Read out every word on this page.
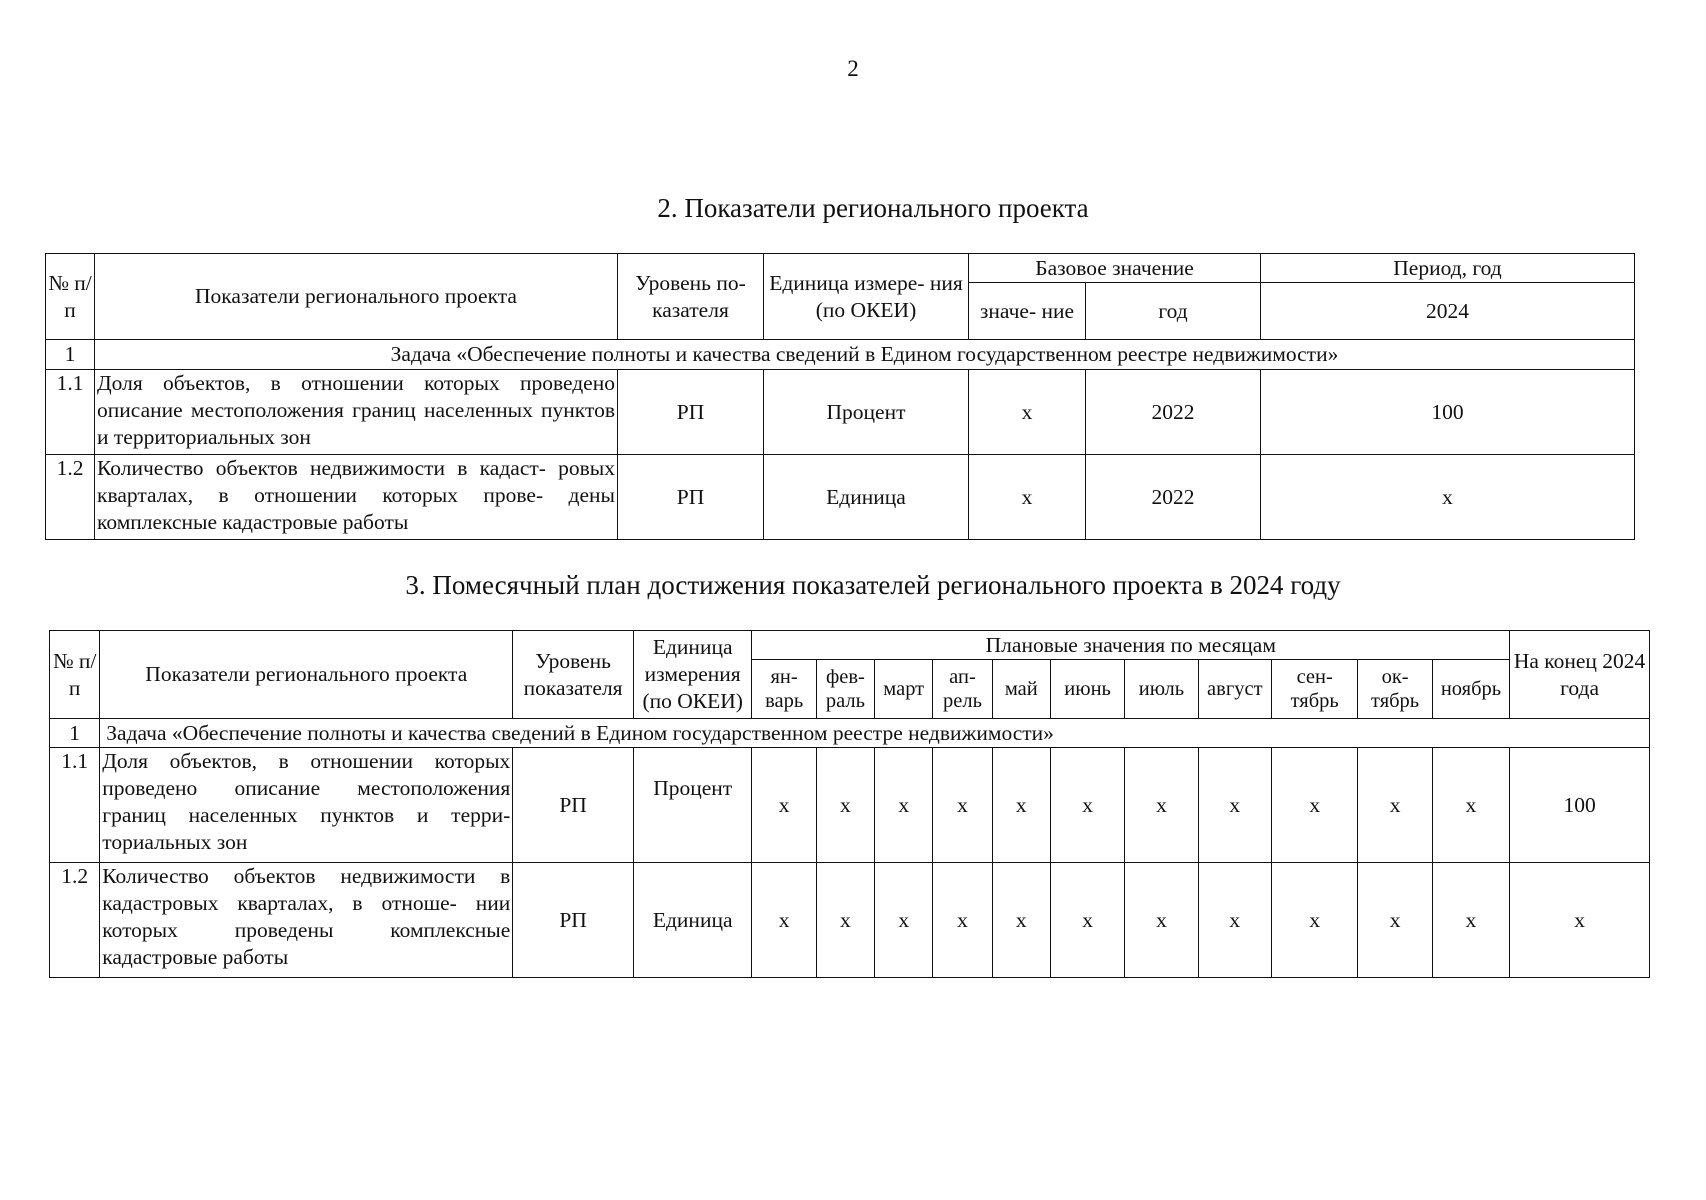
2
2. Показатели регионального проекта
№ п/п	Показатели регионального проекта	Уровень по- казателя	Единица измере- ния (по ОКЕИ)	Базовое значение		Период, год
				значе- ние	год	2024
1	Задача «Обеспечение полноты и качества сведений в Едином государственном реестре недвижимости»					
1.1	Доля объектов, в отношении которых проведено описание местоположения границ населенных пунктов и территориальных зон	РП	Процент	x	2022	100
1.2	Количество объектов недвижимости в кадаст- ровых кварталах, в отношении которых прове- дены комплексные кадастровые работы	РП	Единица	x	2022	x
3. Помесячный план достижения показателей регионального проекта в 2024 году
№ п/п	Показатели регионального проекта	Уровень показателя	Единица измерения (по ОКЕИ)	Плановые значения по месяцам											На конец 2024 года
				ян- варь	фев- раль	март	ап- рель	май	июнь	июль	август	сен- тябрь	ок- тябрь	ноябрь	
1	Задача «Обеспечение полноты и качества сведений в Едином государственном реестре недвижимости»														
1.1	Доля объектов, в отношении которых проведено описание местоположения границ населенных пунктов и терри- ториальных зон	РП	Процент	x	x	x	x	x	x	x	x	x	x	x	100
1.2	Количество объектов недвижимости в кадастровых кварталах, в отноше- нии которых проведены комплексные кадастровые работы	РП	Единица	x	x	x	x	x	x	x	x	x	x	x	x
